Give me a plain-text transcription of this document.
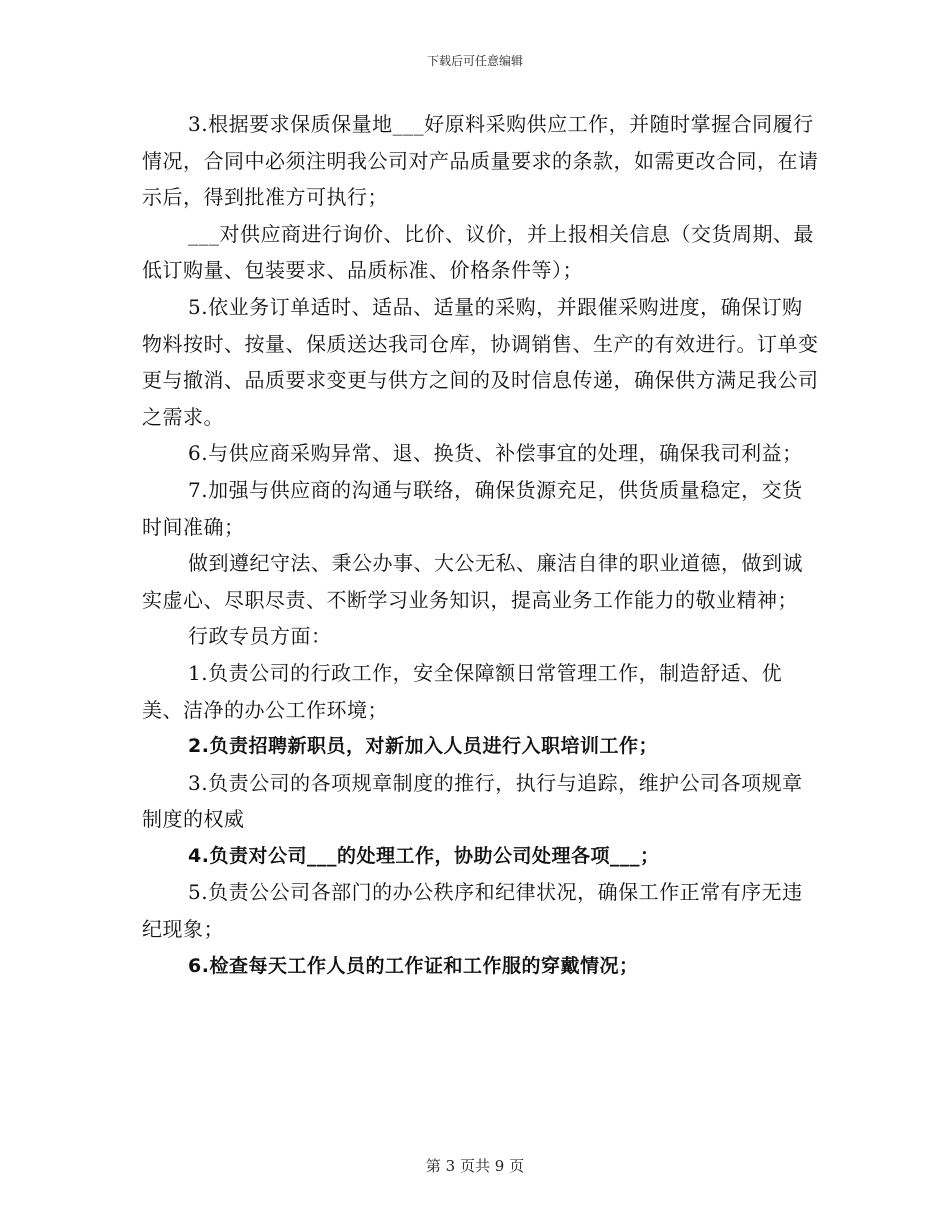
下载后可任意编辑

3.根据要求保质保量地___好原料采购供应工作，并随时掌握合同履行情况，合同中必须注明我公司对产品质量要求的条款，如需更改合同，在请示后，得到批准方可执行；

___对供应商进行询价、比价、议价，并上报相关信息（交货周期、最低订购量、包装要求、品质标准、价格条件等）；

5.依业务订单适时、适品、适量的采购，并跟催采购进度，确保订购物料按时、按量、保质送达我司仓库，协调销售、生产的有效进行。订单变更与撤消、品质要求变更与供方之间的及时信息传递，确保供方满足我公司之需求。

6.与供应商采购异常、退、换货、补偿事宜的处理，确保我司利益；

7.加强与供应商的沟通与联络，确保货源充足，供货质量稳定，交货时间准确；

做到遵纪守法、秉公办事、大公无私、廉洁自律的职业道德，做到诚实虚心、尽职尽责、不断学习业务知识，提高业务工作能力的敬业精神；

行政专员方面：

1.负责公司的行政工作，安全保障额日常管理工作，制造舒适、优美、洁净的办公工作环境；

2.负责招聘新职员，对新加入人员进行入职培训工作；

3.负责公司的各项规章制度的推行，执行与追踪，维护公司各项规章制度的权威

4.负责对公司___的处理工作，协助公司处理各项___；

5.负责公公司各部门的办公秩序和纪律状况，确保工作正常有序无违纪现象；

6.检查每天工作人员的工作证和工作服的穿戴情况；

第 3 页共 9 页
